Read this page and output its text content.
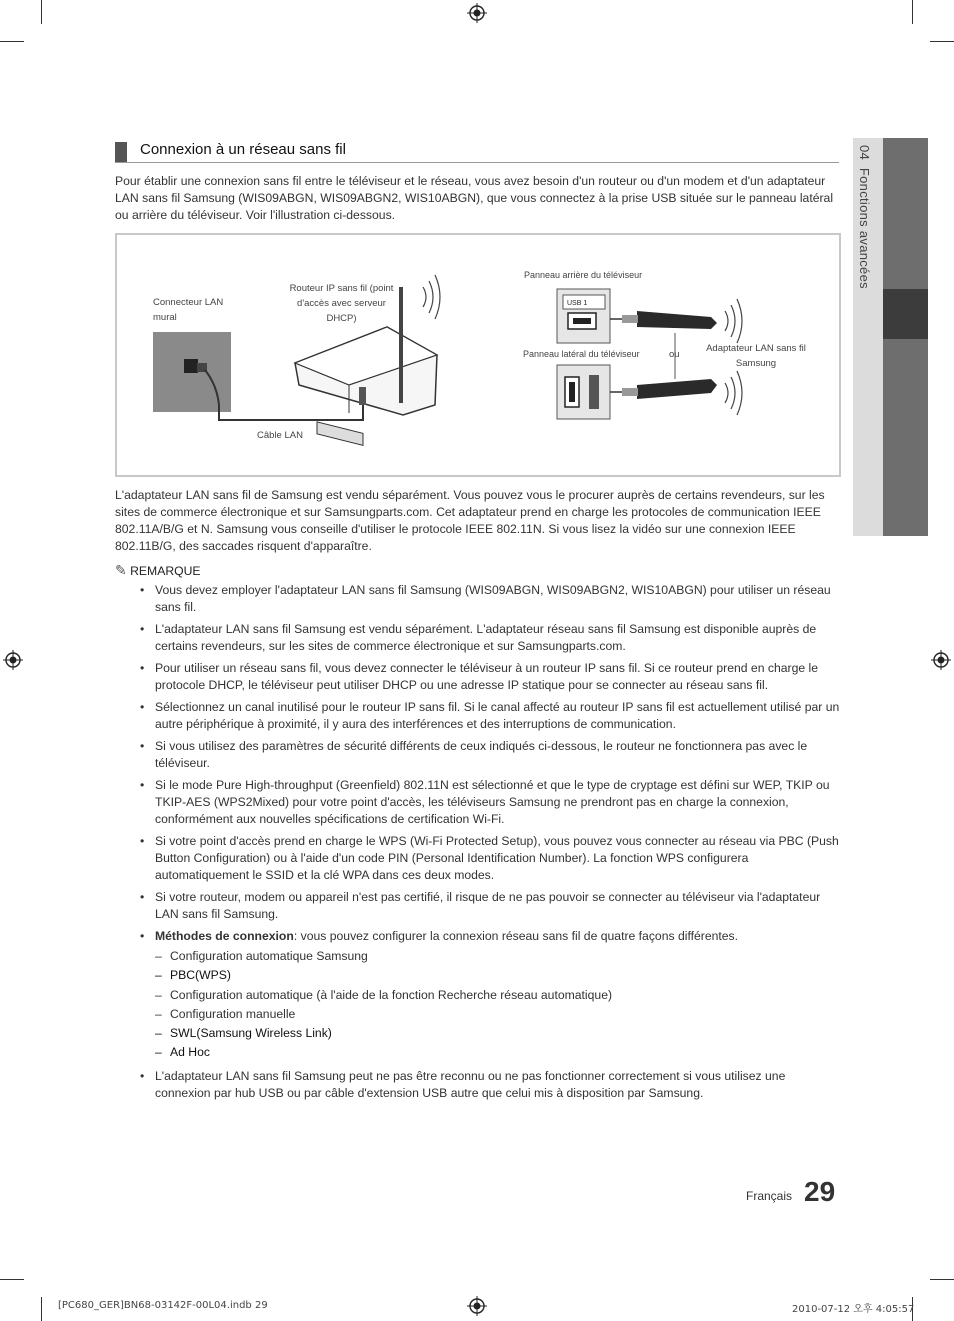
04  Fonctions avancées
Connexion à un réseau sans fil
Pour établir une connexion sans fil entre le téléviseur et le réseau, vous avez besoin d'un routeur ou d'un modem et d'un adaptateur LAN sans fil Samsung (WIS09ABGN, WIS09ABGN2, WIS10ABGN), que vous connectez à la prise USB située sur le panneau latéral ou arrière du téléviseur. Voir l'illustration ci-dessous.
USB 1
Connecteur LAN mural
Routeur IP sans fil (point d'accès avec serveur DHCP)
Câble LAN
Panneau arrière du téléviseur
Panneau latéral du téléviseur	ou
Adaptateur LAN sans fil Samsung
L'adaptateur LAN sans fil de Samsung est vendu séparément. Vous pouvez vous le procurer auprès de certains revendeurs, sur les sites de commerce électronique et sur Samsungparts.com. Cet adaptateur prend en charge les protocoles de communication IEEE 802.11A/B/G et N. Samsung vous conseille d'utiliser le protocole IEEE 802.11N. Si vous lisez la vidéo sur une connexion IEEE 802.11B/G, des saccades risquent d'apparaître.
✎ REMARQUE
• Vous devez employer l'adaptateur LAN sans fil Samsung (WIS09ABGN, WIS09ABGN2, WIS10ABGN) pour utiliser un réseau sans fil.
• L'adaptateur LAN sans fil Samsung est vendu séparément. L'adaptateur réseau sans fil Samsung est disponible auprès de certains revendeurs, sur les sites de commerce électronique et sur Samsungparts.com.
• Pour utiliser un réseau sans fil, vous devez connecter le téléviseur à un routeur IP sans fil. Si ce routeur prend en charge le protocole DHCP, le téléviseur peut utiliser DHCP ou une adresse IP statique pour se connecter au réseau sans fil.
• Sélectionnez un canal inutilisé pour le routeur IP sans fil. Si le canal affecté au routeur IP sans fil est actuellement utilisé par un autre périphérique à proximité, il y aura des interférences et des interruptions de communication.
• Si vous utilisez des paramètres de sécurité différents de ceux indiqués ci-dessous, le routeur ne fonctionnera pas avec le téléviseur.
• Si le mode Pure High-throughput (Greenfield) 802.11N est sélectionné et que le type de cryptage est défini sur WEP, TKIP ou TKIP-AES (WPS2Mixed) pour votre point d'accès, les téléviseurs Samsung ne prendront pas en charge la connexion, conformément aux nouvelles spécifications de certification Wi-Fi.
• Si votre point d'accès prend en charge le WPS (Wi-Fi Protected Setup), vous pouvez vous connecter au réseau via PBC (Push Button Configuration) ou à l'aide d'un code PIN (Personal Identification Number). La fonction WPS configurera automatiquement le SSID et la clé WPA dans ces deux modes.
• Si votre routeur, modem ou appareil n'est pas certifié, il risque de ne pas pouvoir se connecter au téléviseur via l'adaptateur LAN sans fil Samsung.
• Méthodes de connexion: vous pouvez configurer la connexion réseau sans fil de quatre façons différentes.
– Configuration automatique Samsung
– PBC(WPS)
– Configuration automatique (à l'aide de la fonction Recherche réseau automatique)
– Configuration manuelle
– SWL(Samsung Wireless Link)
– Ad Hoc
• L'adaptateur LAN sans fil Samsung peut ne pas être reconnu ou ne pas fonctionner correctement si vous utilisez une connexion par hub USB ou par câble d'extension USB autre que celui mis à disposition par Samsung.
Français 29
[PC680_GER]BN68-03142F-00L04.indb 29	2010-07-12 오후 4:05:57
